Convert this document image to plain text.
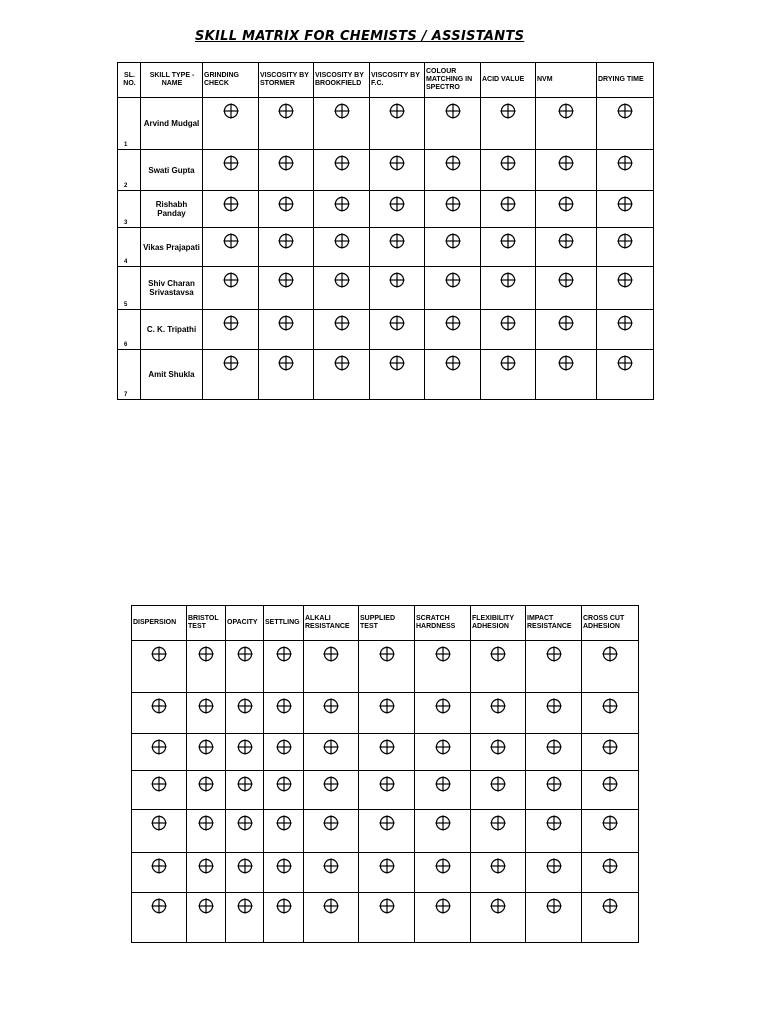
SKILL MATRIX FOR CHEMISTS / ASSISTANTS
SL. NO.	SKILL TYPE - NAME	GRINDING CHECK	VISCOSITY BY STORMER	VISCOSITY BY BROOKFIELD	VISCOSITY BY F.C.	COLOUR MATCHING IN SPECTRO	ACID VALUE	NVM	DRYING TIME

1	Arvind Mudgal	

2	Swati Gupta	

3	Rishabh Panday	

4	Vikas Prajapati	

5	Shiv Charan Srivastavsa	

6	C. K. Tripathi	

7	Amit Shukla	

DISPERSION	BRISTOL TEST	OPACITY	SETTLING	ALKALI RESISTANCE	SUPPLIED TEST	SCRATCH HARDNESS	FLEXIBILITY ADHESION	IMPACT RESISTANCE	CROSS CUT ADHESION
